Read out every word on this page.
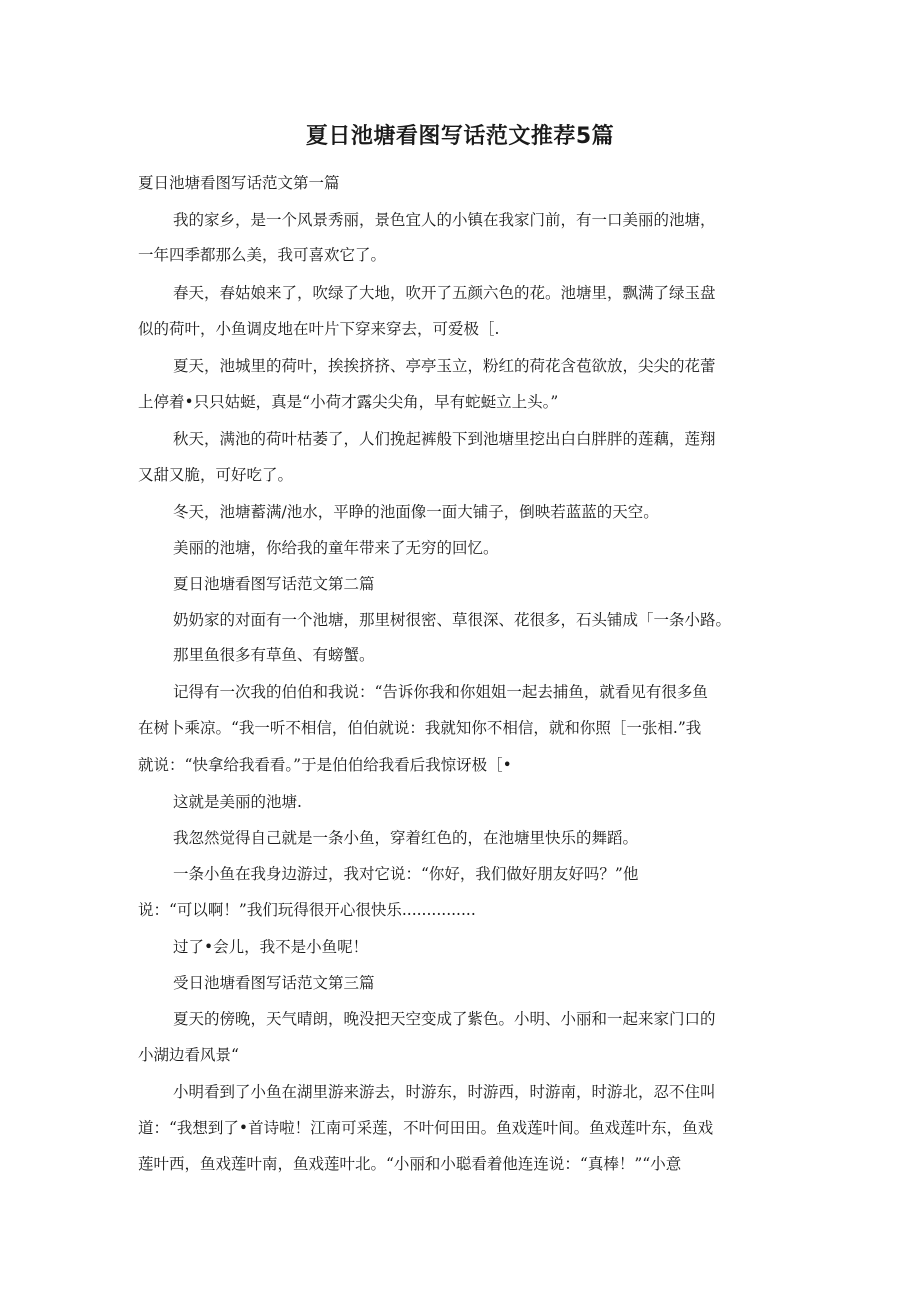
夏日池塘看图写话范文推荐5篇

夏日池塘看图写话范文第一篇

我的家乡，是一个风景秀丽，景色宜人的小镇在我家门前，有一口美丽的池塘，

一年四季都那么美，我可喜欢它了。

春天，春姑娘来了，吹绿了大地，吹开了五颜六色的花。池塘里，飘满了绿玉盘

似的荷叶，小鱼调皮地在叶片下穿来穿去，可爱极［.

夏天，池城里的荷叶，挨挨挤挤、亭亭玉立，粉红的荷花含苞欲放，尖尖的花蕾

上停着•只只姑蜓，真是“小荷才露尖尖角，早有蛇蜓立上头。”

秋天，满池的荷叶枯萎了，人们挽起裤般下到池塘里挖出白白胖胖的莲藕，莲翔

又甜又脆，可好吃了。

冬天，池塘蓄满/池水，平睁的池面像一面大铺子，倒映若蓝蓝的天空。

美丽的池塘，你给我的童年带来了无穷的回忆。

夏日池塘看图写话范文第二篇

奶奶家的对面有一个池塘，那里树很密、草很深、花很多，石头铺成「一条小路。

那里鱼很多有草鱼、有螃蟹。

记得有一次我的伯伯和我说：“告诉你我和你姐姐一起去捕鱼，就看见有很多鱼

在树卜乘凉。“我一听不相信，伯伯就说：我就知你不相信，就和你照［一张相.”我

就说：“快拿给我看看。”于是伯伯给我看后我惊讶极［•

这就是美丽的池塘.

我忽然觉得自己就是一条小鱼，穿着红色的，在池塘里快乐的舞蹈。

一条小鱼在我身边游过，我对它说：“你好，我们做好朋友好吗？”他

说：“可以啊！”我们玩得很开心很快乐...............

过了•会儿，我不是小鱼呢！

受日池塘看图写话范文第三篇

夏天的傍晚，天气晴朗，晚没把天空变成了紫色。小明、小丽和一起来家门口的

小湖边看风景“

小明看到了小鱼在湖里游来游去，时游东，时游西，时游南，时游北，忍不住叫

道：“我想到了•首诗啦！江南可采莲，不叶何田田。鱼戏莲叶间。鱼戏莲叶东，鱼戏

莲叶西，鱼戏莲叶南，鱼戏莲叶北。“小丽和小聪看着他连连说：“真棒！”“小意
